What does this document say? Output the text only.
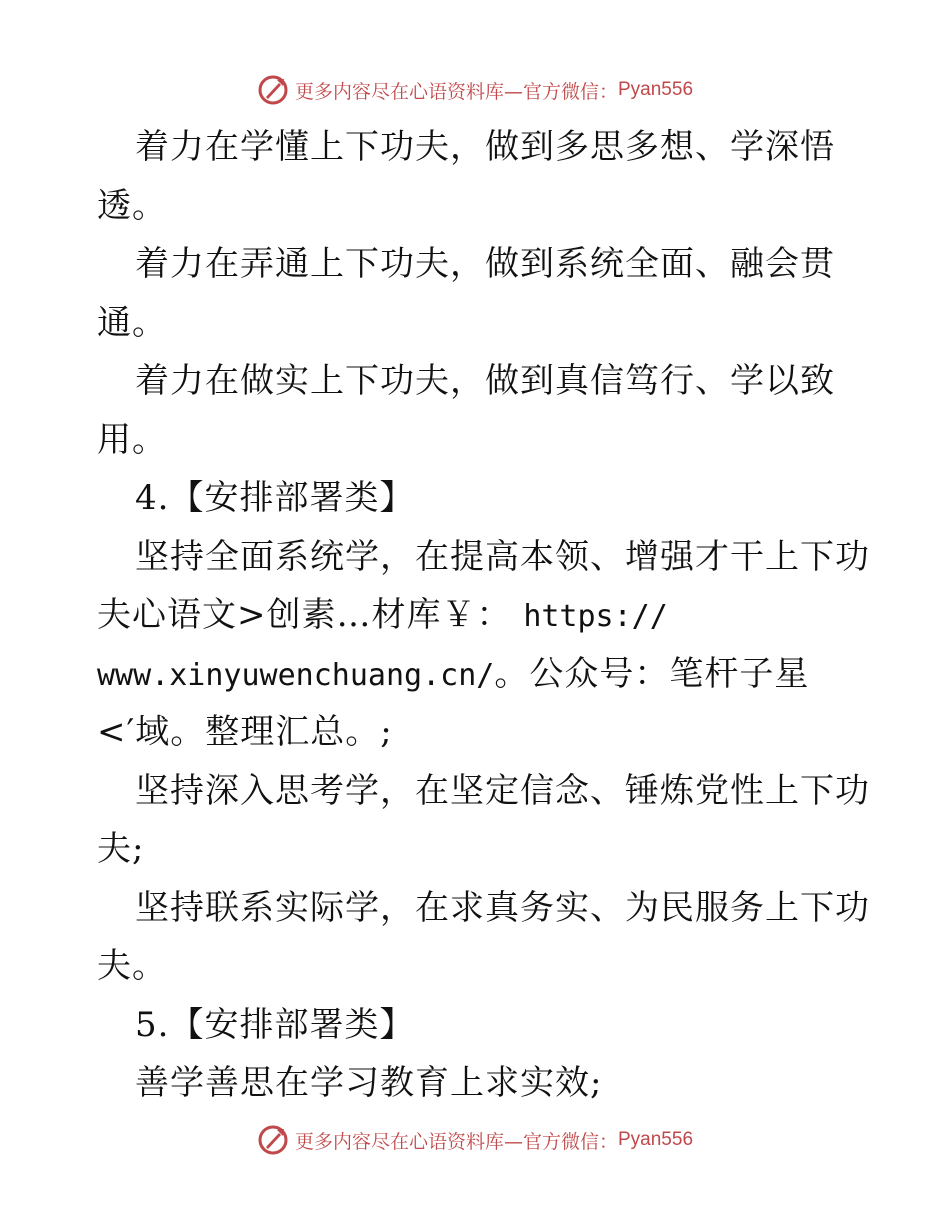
更多内容尽在心语资料库—官方微信： Pyan556
着力在学懂上下功夫，做到多思多想、学深悟
透。
着力在弄通上下功夫，做到系统全面、融会贯
通。
着力在做实上下功夫，做到真信笃行、学以致
用。
4.【安排部署类】
坚持全面系统学，在提高本领、增强才干上下功
夫心语文>创素…材库￥： https://
www.xinyuwenchuang.cn/。公众号：笔杆子星
<′域。整理汇总。;
坚持深入思考学，在坚定信念、锤炼党性上下功
夫;
坚持联系实际学，在求真务实、为民服务上下功
夫。
5.【安排部署类】
善学善思在学习教育上求实效;
更多内容尽在心语资料库—官方微信： Pyan556
